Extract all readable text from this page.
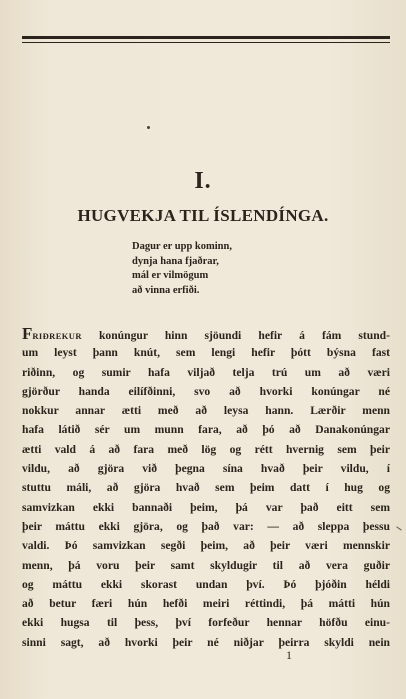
I.
HUGVEKJA TIL ÍSLENDÍNGA.
Dagur er upp kominn,
dynja hana fjaðrar,
mál er vilmögum
að vinna erfiði.
FRIÐREKUR konúngur hinn sjöundi hefir á fám stund-
um leyst þann knút, sem lengi hefir þótt býsna fast
riðinn, og sumir hafa viljað telja trú um að væri
gjörður handa eilífðinni, svo að hvorki konúngar né
nokkur annar ætti með að leysa hann. Lærðir menn
hafa látið sér um munn fara, að þó að Danakonúngar
ætti vald á að fara með lög og rétt hvernig sem þeir
vildu, að gjöra við þegna sína hvað þeir vildu, í
stuttu máli, að gjöra hvað sem þeim datt í hug og
samvizkan ekki bannaði þeim, þá var það eitt sem
þeir máttu ekki gjöra, og það var: — að sleppa þessu
valdi. Þó samvizkan segði þeim, að þeir væri mennskir
menn, þá voru þeir samt skyldugir til að vera guðir
og máttu ekki skorast undan því. Þó þjóðin héldi
að betur færi hún hefði meiri réttindi, þá mátti hún
ekki hugsa til þess, því forfeður hennar höfðu einu-
sinni sagt, að hvorki þeir né niðjar þeirra skyldi nein
1
